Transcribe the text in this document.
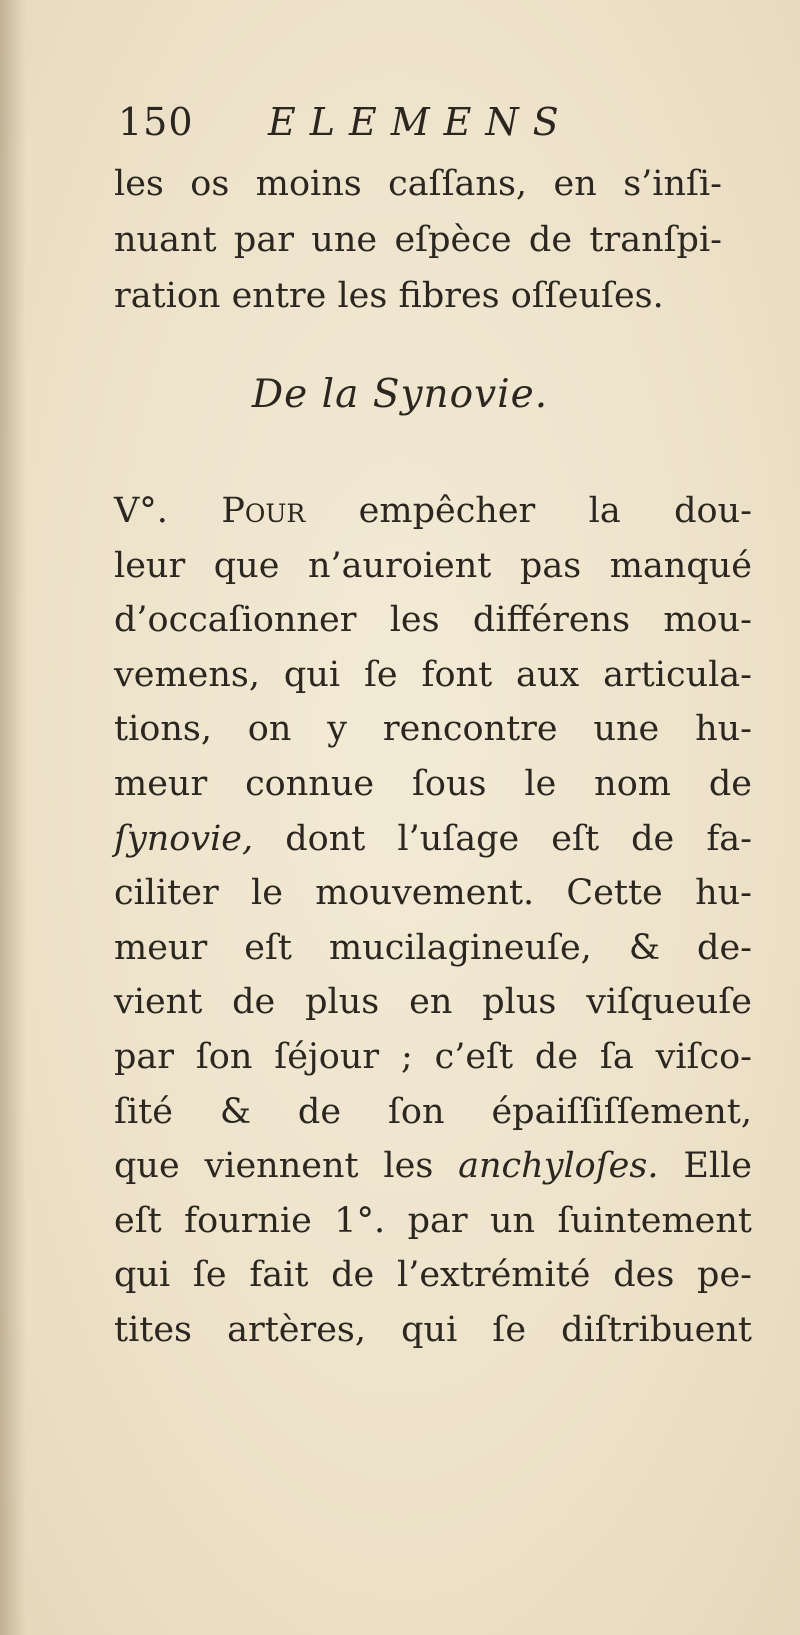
150 ELEMENS
les os moins caſſans, en s’inſi-
nuant par une eſpèce de tranſpi-
ration entre les fibres oſſeuſes.
De la Synovie.
V°. Pour empêcher la dou-
leur que n’auroient pas manqué
d’occaſionner les différens mou-
vemens, qui ſe font aux articula-
tions, on y rencontre une hu-
meur connue ſous le nom de
ſynovie, dont l’uſage eſt de fa-
ciliter le mouvement. Cette hu-
meur eſt mucilagineuſe, & de-
vient de plus en plus viſqueuſe
par ſon ſéjour ; c’eſt de ſa viſco-
ſité & de ſon épaiſſiſſement,
que viennent les anchyloſes. Elle
eſt fournie 1°. par un ſuintement
qui ſe fait de l’extrémité des pe-
tites artères, qui ſe diſtribuent
